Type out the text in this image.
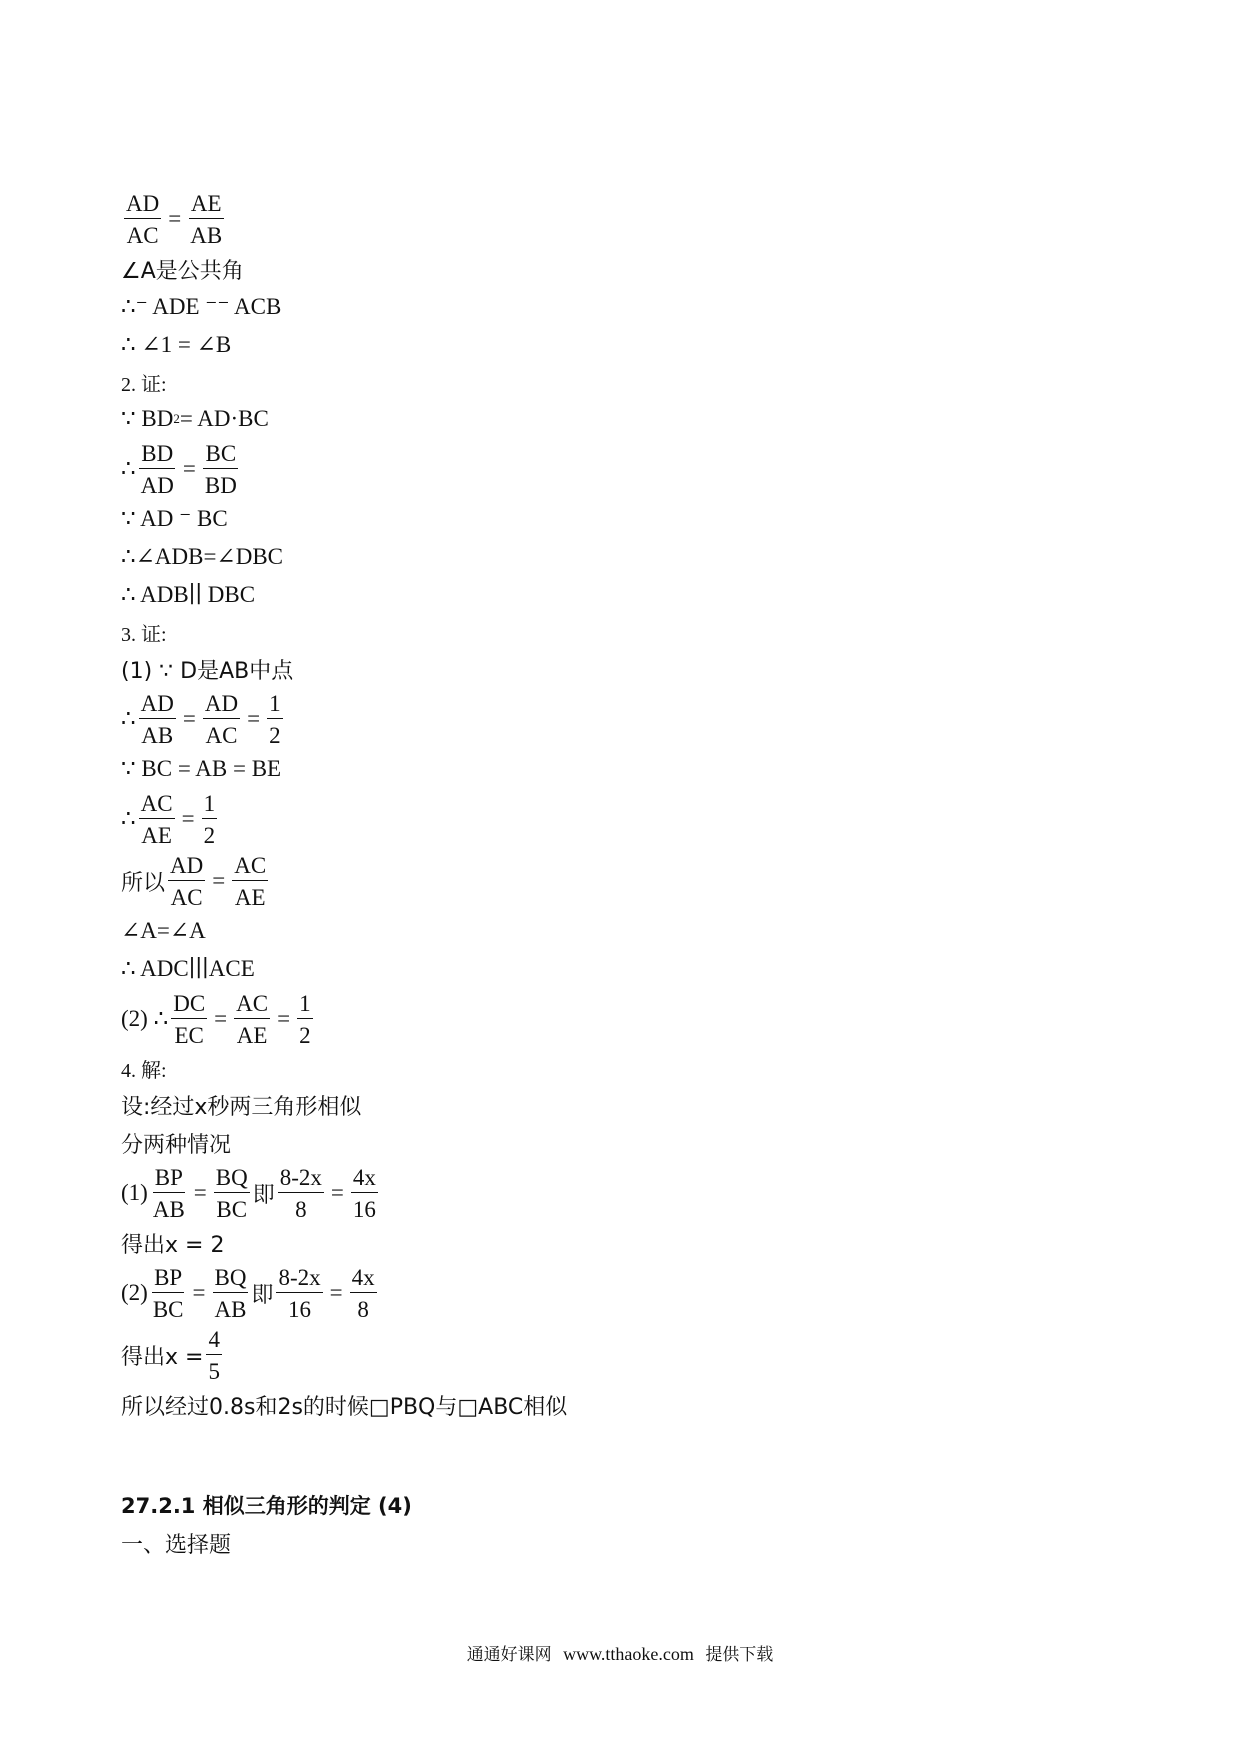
$\frac{AD}{AC} = \frac{AE}{AB}$
∠A是公共角
∴⁻ ADE ⁻⁻ ACB
∴ ∠1 = ∠B
2. 证:
∵ BD 2 = AD·BC
∴ $\frac{BD}{AD} = \frac{BC}{BD}$
∵ AD ⁻ BC
∴∠ADB=∠DBC
∴ ADB∣∣ DBC
3. 证:
(1) ∵ D是AB中点
∴ $\frac{AD}{AB} = \frac{AD}{AC} = \frac{1}{2}$
∵ BC = AB = BE
∴ $\frac{AC}{AE} = \frac{1}{2}$
所以 $\frac{AD}{AC} = \frac{AC}{AE}$
∠A=∠A
∴ ADC∣∣∣ACE
(2) ∴ $\frac{DC}{EC} = \frac{AC}{AE} = \frac{1}{2}$
4. 解:
设:经过x秒两三角形相似
分两种情况
$(1) \frac{BP}{AB} = \frac{BQ}{BC}$ 即 $\frac{8-2x}{8} = \frac{4x}{16}$
得出x = 2
$(2) \frac{BP}{BC} = \frac{BQ}{AB}$ 即 $\frac{8-2x}{16} = \frac{4x}{8}$
得出$x = \frac{4}{5}$
所以经过0.8s和2s的时候□PBQ与□ABC相似
27.2.1 相似三角形的判定 (4)
一、选择题
通通好课网 www.tthaoke.com 提供下载
